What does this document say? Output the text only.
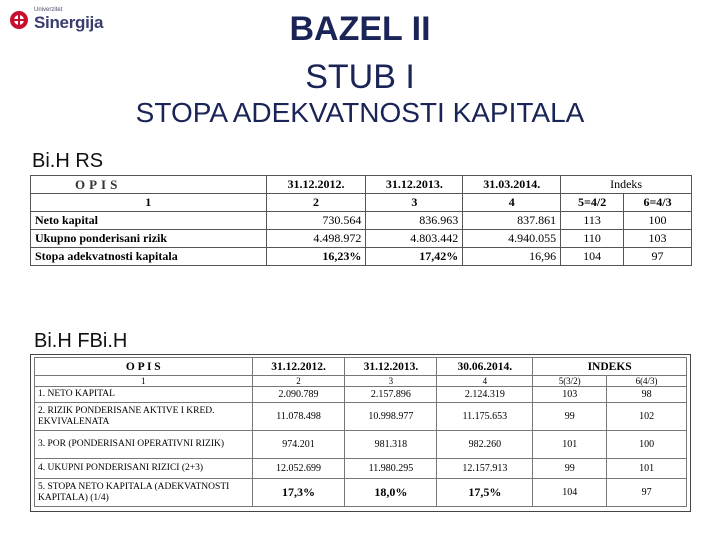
Univerzitet
Sinergija	BAZEL II
STUB I
STOPA ADEKVATNOSTI KAPITALA
Bi.H RS
OPIS	31.12.2012.	31.12.2013.	31.03.2014.	Indeks	
1	2	3	4	5=4/2	6=4/3
Neto kapital	730.564	836.963	837.861	113	100
Ukupno ponderisani rizik	4.498.972	4.803.442	4.940.055	110	103
Stopa adekvatnosti kapitala	16,23%	17,42%	16,96	104	97
Bi.H FBi.H
O P I S	31.12.2012.	31.12.2013.	30.06.2014.	INDEKS	
1	2	3	4	5(3/2)	6(4/3)
1. NETO KAPITAL	2.090.789	2.157.896	2.124.319	103	98
2. RIZIK PONDERISANE AKTIVE I KRED. EKVIVALENATA	11.078.498	10.998.977	11.175.653	99	102
3. POR (PONDERISANI OPERATIVNI RIZIK)	974.201	981.318	982.260	101	100
4. UKUPNI PONDERISANI RIZICI (2+3)	12.052.699	11.980.295	12.157.913	99	101
5. STOPA NETO KAPITALA (ADEKVATNOSTI KAPITALA) (1/4)	17,3%	18,0%	17,5%	104	97
